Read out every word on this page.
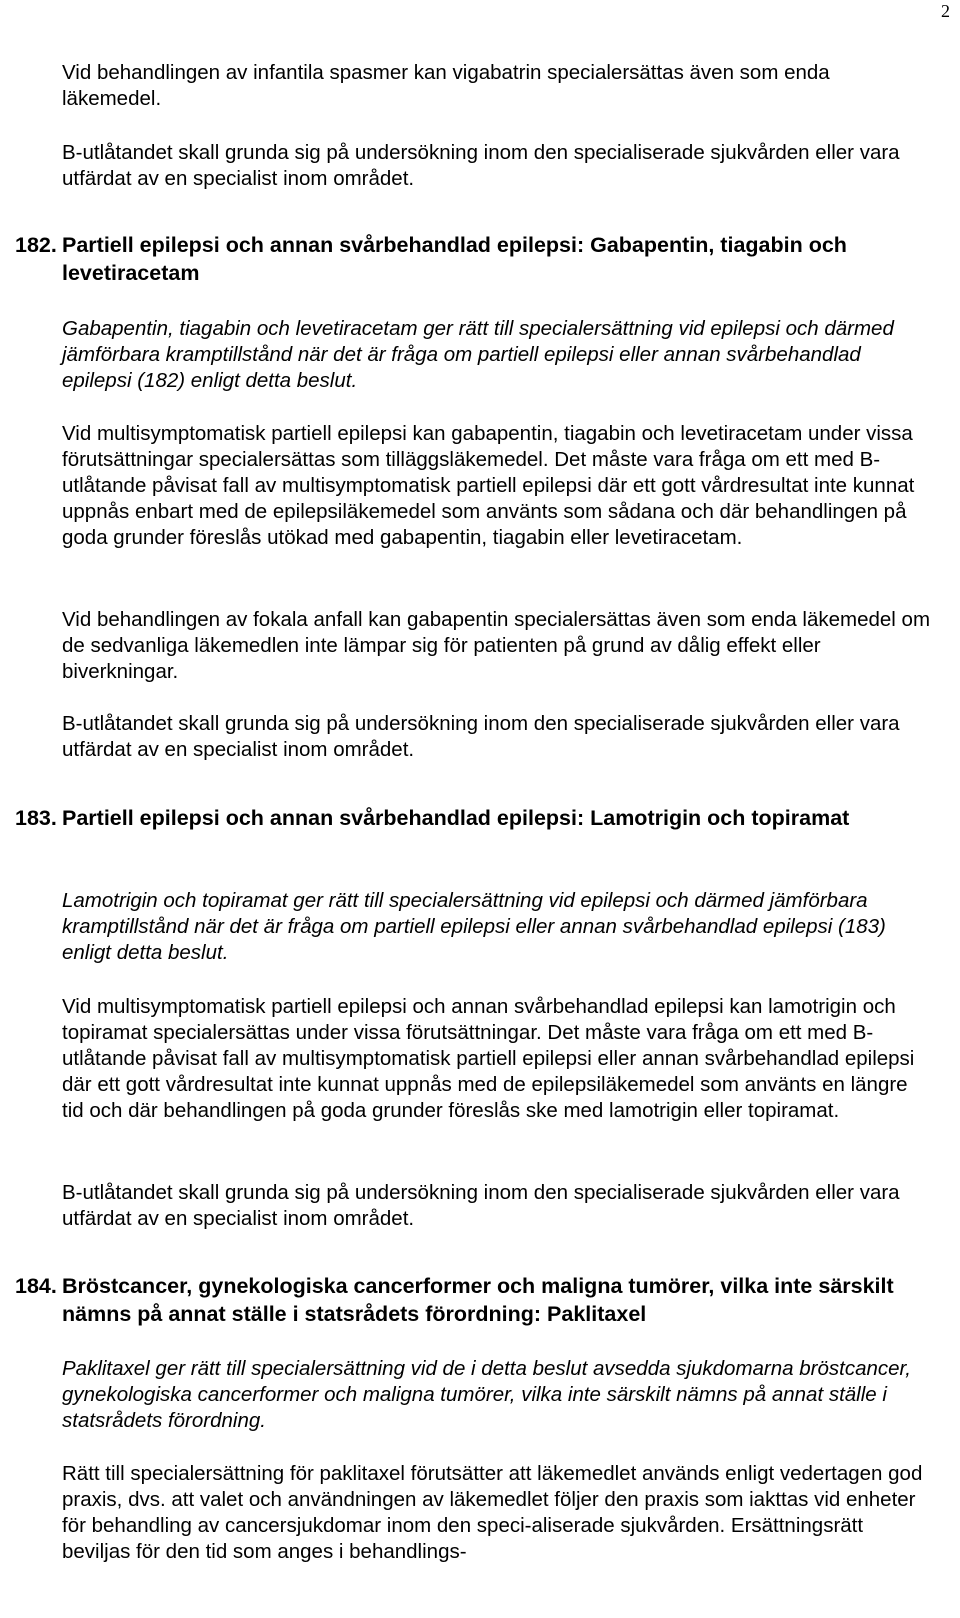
2

Vid behandlingen av infantila spasmer kan vigabatrin specialersättas även som enda läkemedel.

B-utlåtandet skall grunda sig på undersökning inom den specialiserade sjukvården eller vara utfärdat av en specialist inom området.

182. Partiell epilepsi och annan svårbehandlad epilepsi: Gabapentin, tiagabin och levetiracetam

Gabapentin, tiagabin och levetiracetam ger rätt till specialersättning vid epilepsi och därmed jämförbara kramptillstånd när det är fråga om partiell epilepsi eller annan svårbehandlad epilepsi (182) enligt detta beslut.

Vid multisymptomatisk partiell epilepsi kan gabapentin, tiagabin och levetiracetam under vissa förutsättningar specialersättas som tilläggsläkemedel. Det måste vara fråga om ett med B-utlåtande påvisat fall av multisymptomatisk partiell epilepsi där ett gott vårdresultat inte kunnat uppnås enbart med de epilepsiläkemedel som använts som sådana och där behandlingen på goda grunder föreslås utökad med gabapentin, tiagabin eller levetiracetam.

Vid behandlingen av fokala anfall kan gabapentin specialersättas även som enda läkemedel om de sedvanliga läkemedlen inte lämpar sig för patienten på grund av dålig effekt eller biverkningar.

B-utlåtandet skall grunda sig på undersökning inom den specialiserade sjukvården eller vara utfärdat av en specialist inom området.

183. Partiell epilepsi och annan svårbehandlad epilepsi: Lamotrigin och topiramat

Lamotrigin och topiramat ger rätt till specialersättning vid epilepsi och därmed jämförbara kramptillstånd när det är fråga om partiell epilepsi eller annan svårbehandlad epilepsi (183) enligt detta beslut.

Vid multisymptomatisk partiell epilepsi och annan svårbehandlad epilepsi kan lamotrigin och topiramat specialersättas under vissa förutsättningar. Det måste vara fråga om ett med B-utlåtande påvisat fall av multisymptomatisk partiell epilepsi eller annan svårbehandlad epilepsi där ett gott vårdresultat inte kunnat uppnås med de epilepsiläkemedel som använts en längre tid och där behandlingen på goda grunder föreslås ske med lamotrigin eller topiramat.

B-utlåtandet skall grunda sig på undersökning inom den specialiserade sjukvården eller vara utfärdat av en specialist inom området.

184. Bröstcancer, gynekologiska cancerformer och maligna tumörer, vilka inte särskilt nämns på annat ställe i statsrådets förordning: Paklitaxel

Paklitaxel ger rätt till specialersättning vid de i detta beslut avsedda sjukdomarna bröstcancer, gynekologiska cancerformer och maligna tumörer, vilka inte särskilt nämns på annat ställe i statsrådets förordning.

Rätt till specialersättning för paklitaxel förutsätter att läkemedlet används enligt vedertagen god praxis, dvs. att valet och användningen av läkemedlet följer den praxis som iakttas vid enheter för behandling av cancersjukdomar inom den speci-aliserade sjukvården. Ersättningsrätt beviljas för den tid som anges i behandlings-
